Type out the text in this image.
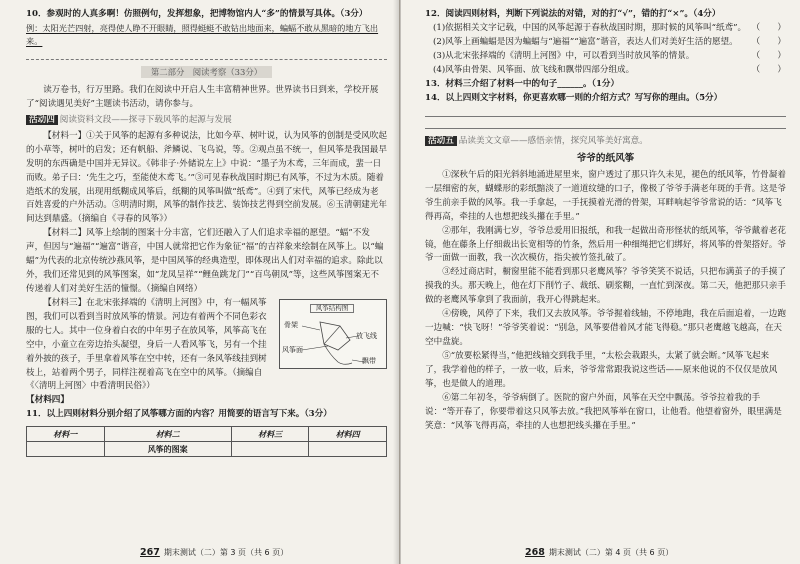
10．参观时的人真多啊！仿照例句，发挥想象，把博物馆内人“多”的情景写具体。（3分）

例：太阳光芒四射，亮得使人睁不开眼睛，照得蜓蜓不敢钻出地面来，蝙蝠不敢从黑暗的地方飞出来。

第二部分　阅读考察（33分）

读万卷书，行万里路。我们在阅读中开启人生丰富精神世界。世界读书日到来，学校开展了“阅读遇见美好”主题读书活动，请你参与。

活动四 阅读资料文段——探寻下载风筝的起源与发展

【材料一】①关于风筝的起源有多种说法，比如今草、树叶说，认为风筝的创制是受风吹起的小草等，树叶的启发；还有帆船、斧鳞说、飞鸟说，等。②观点虽不统一，但风筝是我国最早发明的东西确是中国并无异议。《韩非子·外储说左上》中说：“墨子为木鸢，三年而成，蜚一日而败。弟子曰：‘先生之巧，至能使木鸢飞。’”③可见春秋战国时期已有风筝，不过为木质。随着造纸术的发展，出现用纸糊成风筝后，纸糊的风筝叫做“纸鸢”。④到了宋代，风筝已经成为老百姓喜爱的户外活动。⑤明清时期，风筝的制作技艺、装饰技艺得到空前发展。⑥玉清朝建光年间达到鼎盛。（摘编自《寻春的风筝》）

【材料二】风筝上绘制的图案十分丰富，它们还融入了人们追求幸福的愿望。“蝠”不发声，但因与“遍福”“遍富”谐音，中国人就常把它作为象征“福”的吉祥象来绘制在风筝上。以“蝙蝠”为代表的北京传统沙燕风筝，是中国风筝的经典造型，即体现出人们对幸福的追求。除此以外，我们还常见到的风筝图案，如“龙凤呈祥”“鲤鱼跳龙门”“百鸟朝凤”等，这些风筝图案无不传递着人们对美好生活的憧憬。（摘编自网络）

风筝结构图
骨架
放飞线
风筝面
飘带

【材料三】在北宋张择端的《清明上河图》中，有一幅风筝图，我们可以看到当时放风筝的情景。河边有着两个不同色彩衣服的七人。其中一位身着白衣的中年男子在放风筝，风筝高飞在空中，小童立在旁边抬头凝望，身后一人看风筝飞，另有一个挂着外披的孩子，手里拿着风筝在空中转，还有一条风筝线挂到树枝上，站着两个男子，同样注视着高飞在空中的风筝。（摘编自《〈清明上河图〉中看清明民俗》）

【材料四】

11．以上四则材料分别介绍了风筝哪方面的内容？用简要的语言写下来。（3分）

材料一	材料二	材料三	材料四
	风筝的图案		
267 期末测试（二）第 3 页（共 6 页）

12．阅读四则材料，判断下列说法的对错，对的打“√”，错的打“×”。（4分）

(1)依据相关文字记载，中国的风筝起源于春秋战国时期，那时候的风筝叫“纸鸢”。 （　　）
(2)风筝上画蝙蝠是因为蝙蝠与“遍福”“遍富”谐音，表达人们对美好生活的愿望。 （　　）
(3)从北宋张择端的《清明上河图》中，可以看到当时放风筝的情景。	（　　）
(4)风筝由骨架、风筝面、放飞线和飘带四部分组成。	（　　）

13．材料三介绍了材料一中的句子______。（1分）

14．以上四则文字材料，你更喜欢哪一则的介绍方式？写写你的理由。（5分）

活动五 品读美文文章——感悟亲情，探究风筝美好寓意。

爷爷的纸风筝

①深秋午后的阳光斜斜地涌进屋里来，窗户透过了那只许久未见，褪色的纸风筝，竹骨凝着一层细密的灰，蝴蝶形的彩纸黯淡了一道道纹缝的口子，像极了爷爷手满老年斑的手背。这是爷爷生前亲手做的风筝。我一手拿起，一手抚摸着光滑的骨架，耳畔响起爷爷常说的话：“风筝飞得再高，牵挂的人也想把线头攥在手里。”

②那年，我刚满七岁，爷爷总爱用旧报纸，和我一起做出奇形怪状的纸风筝，爷爷戴着老花镜，他在藤条上仔细裁出长宽相等的竹条，然后用一种细绳把它们绑好，将风筝的骨架搭好。爷爷一面做一面教，我一次次模仿，指尖被竹签扎破了。

③经过商店时，橱窗里能不能看到那只老鹰风筝？爷爷笑笑不说话，只把布满茧子的手摸了摸我的头。那天晚上，他在灯下削竹子、裁纸、刷浆糊，一直忙到深夜。第二天，他把那只亲手做的老鹰风筝拿到了我面前，我开心得跳起来。

④傍晚，风停了下来，我们又去放风筝。爷爷握着线轴，不停地跑，我在后面追着，一边跑一边喊：“快飞呀！”爷爷笑着说：“别急，风筝要借着风才能飞得稳。”那只老鹰越飞越高，在天空中盘旋。

⑤“放要松紧得当，”他把线轴交到我手里，“太松会栽跟头，太紧了就会断。”风筝飞起来了，我学着他的样子，一放一收，后来，爷爷常常跟我说这些话——原来他说的不仅仅是放风筝，也是做人的道理。

⑥第二年初冬，爷爷病倒了。医院的窗户外面，风筝在天空中飘荡。爷爷拉着我的手说：“等开春了，你要带着这只风筝去放。”我把风筝举在窗口，让他看。他望着窗外，眼里满是笑意：“风筝飞得再高，牵挂的人也想把线头攥在手里。”

268 期末测试（二）第 4 页（共 6 页）
